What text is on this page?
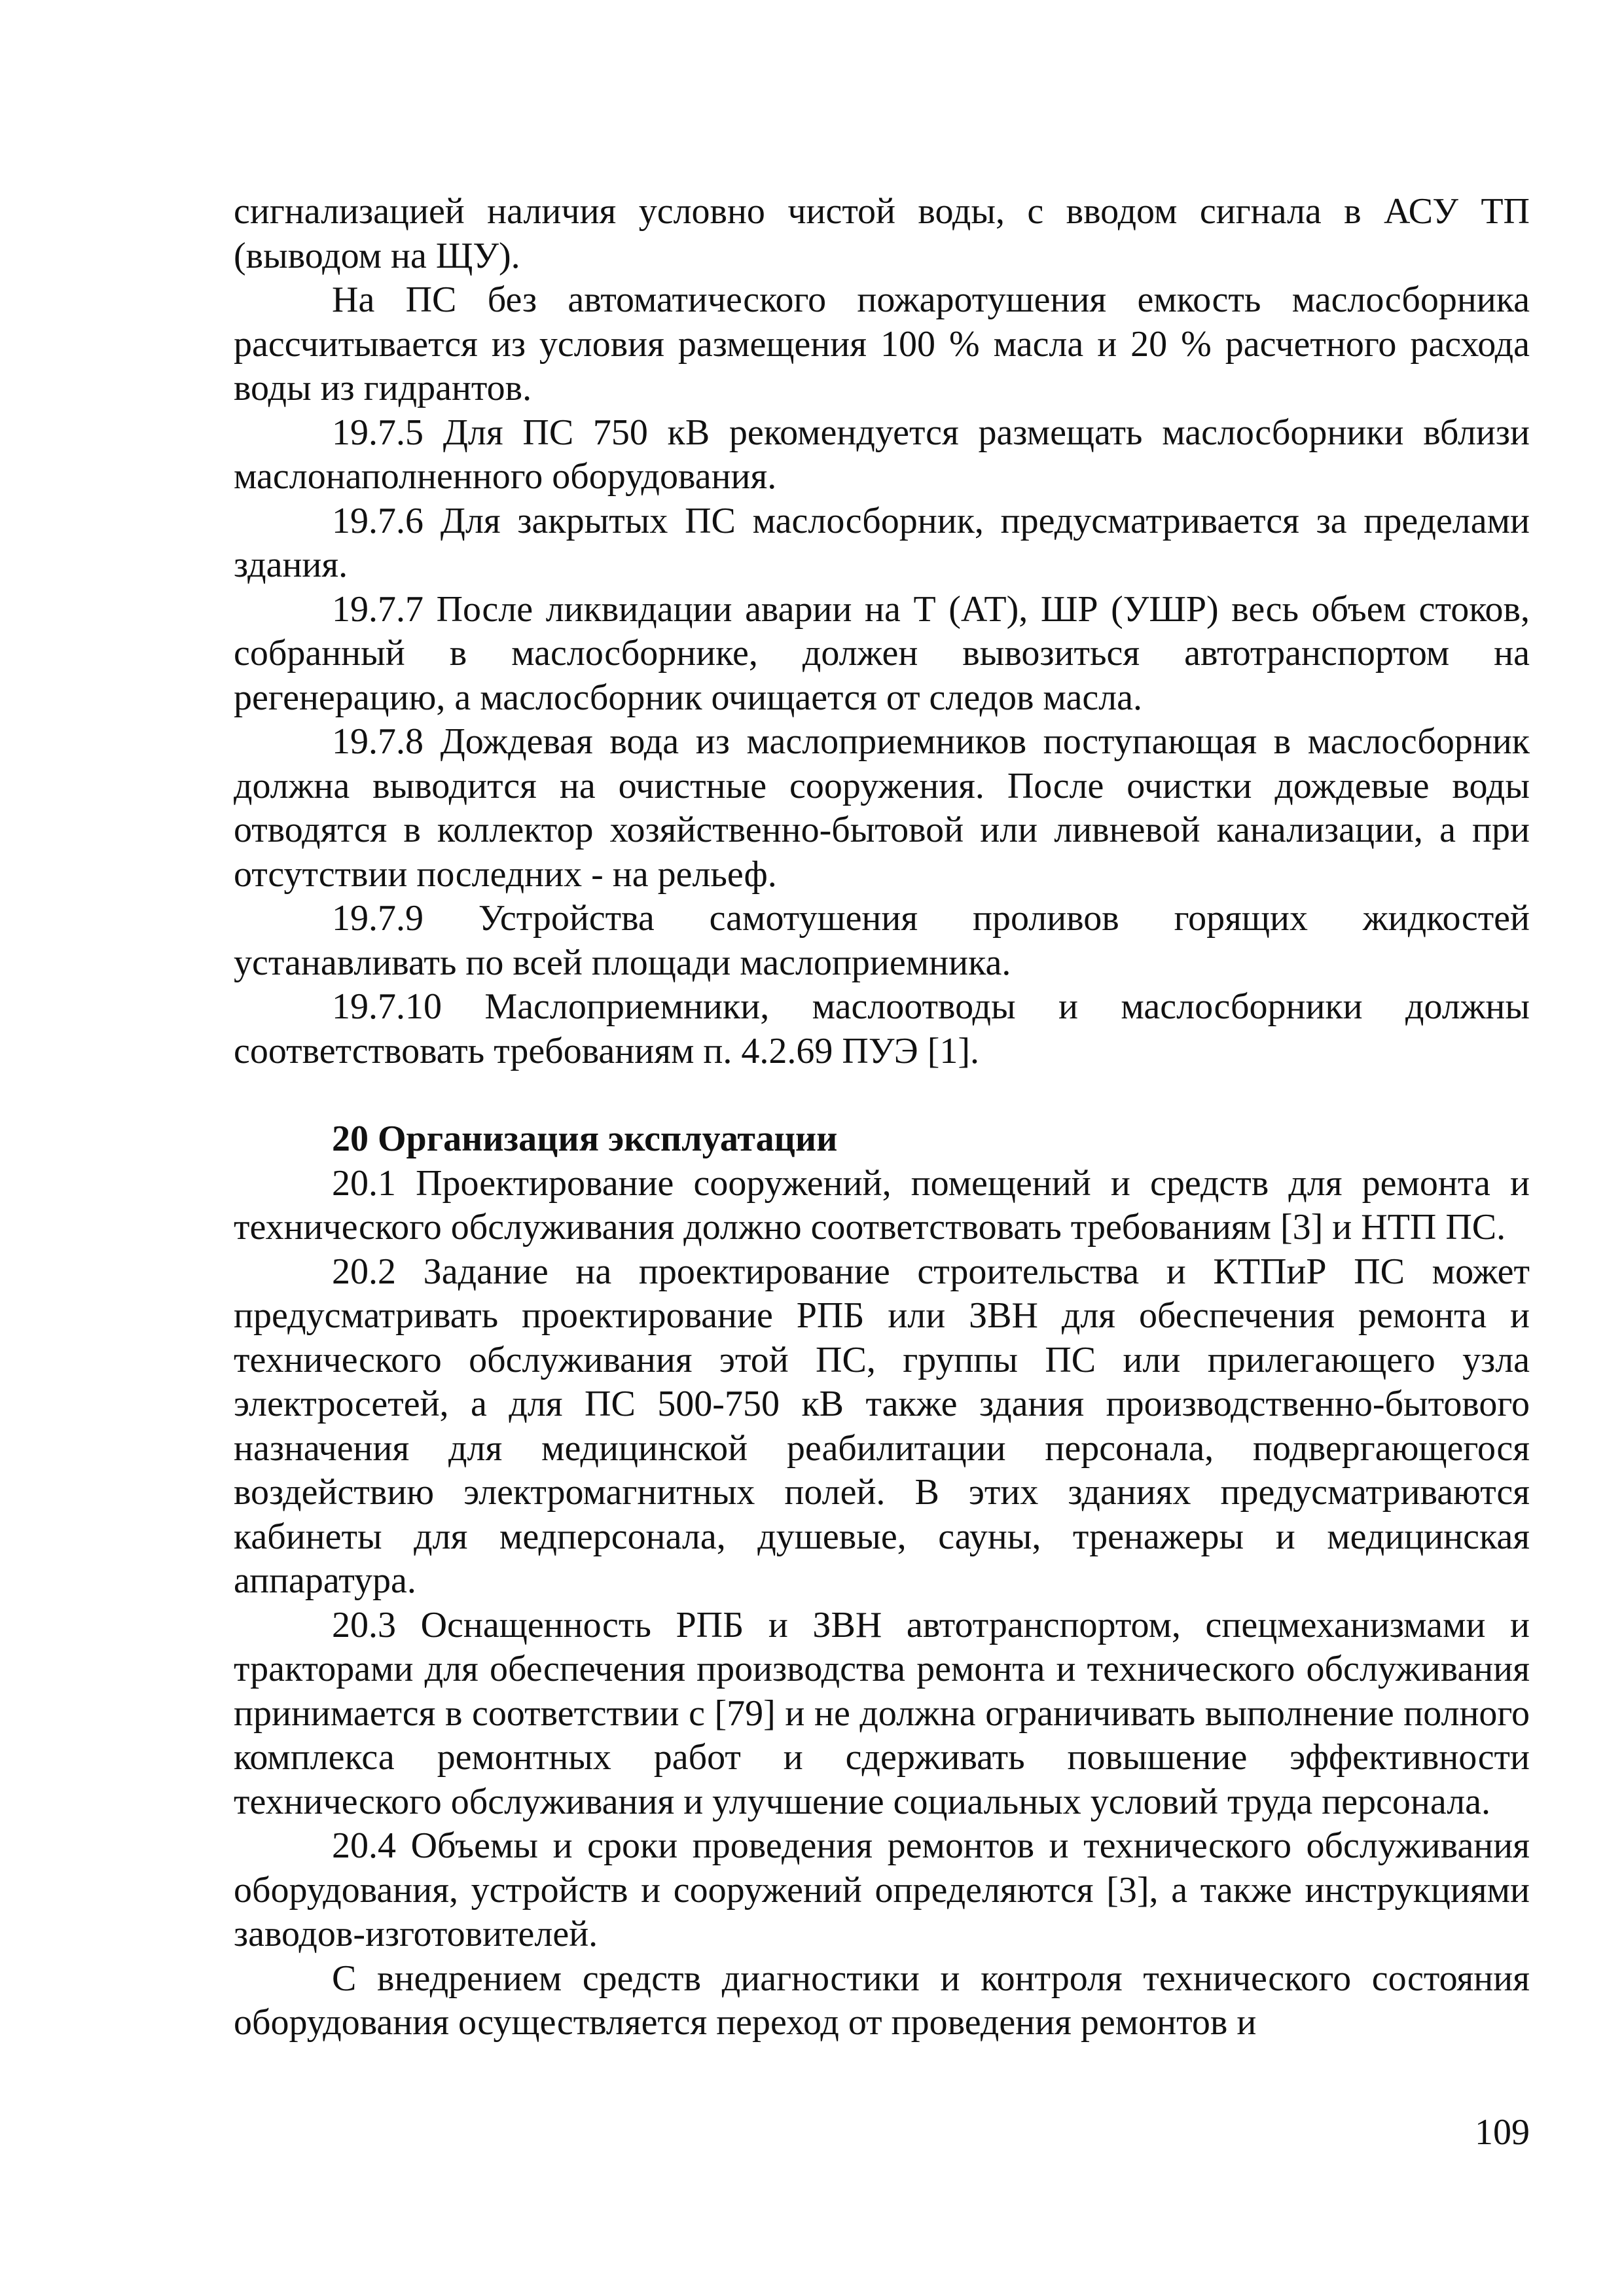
сигнализацией наличия условно чистой воды, с вводом сигнала в АСУ ТП (выводом на ЩУ).

На ПС без автоматического пожаротушения емкость маслосборника рассчитывается из условия размещения 100 % масла и 20 % расчетного расхода воды из гидрантов.

19.7.5 Для ПС 750 кВ рекомендуется размещать маслосборники вблизи маслонаполненного оборудования.

19.7.6 Для закрытых ПС маслосборник, предусматривается за пределами здания.

19.7.7 После ликвидации аварии на Т (АТ), ШР (УШР) весь объем стоков, собранный в маслосборнике, должен вывозиться автотранспортом на регенерацию, а маслосборник очищается от следов масла.

19.7.8 Дождевая вода из маслоприемников поступающая в маслосборник должна выводится на очистные сооружения. После очистки дождевые воды отводятся в коллектор хозяйственно-бытовой или ливневой канализации, а при отсутствии последних - на рельеф.

19.7.9 Устройства самотушения проливов горящих жидкостей устанавливать по всей площади маслоприемника.

19.7.10 Маслоприемники, маслоотводы и маслосборники должны соответствовать требованиям п. 4.2.69 ПУЭ [1].

20 Организация эксплуатации

20.1 Проектирование сооружений, помещений и средств для ремонта и технического обслуживания должно соответствовать требованиям [3] и НТП ПС.

20.2 Задание на проектирование строительства и КТПиР ПС может предусматривать проектирование РПБ или ЗВН для обеспечения ремонта и технического обслуживания этой ПС, группы ПС или прилегающего узла электросетей, а для ПС 500-750 кВ также здания производственно-бытового назначения для медицинской реабилитации персонала, подвергающегося воздействию электромагнитных полей. В этих зданиях предусматриваются кабинеты для медперсонала, душевые, сауны, тренажеры и медицинская аппаратура.

20.3 Оснащенность РПБ и ЗВН автотранспортом, спецмеханизмами и тракторами для обеспечения производства ремонта и технического обслуживания принимается в соответствии с [79] и не должна ограничивать выполнение полного комплекса ремонтных работ и сдерживать повышение эффективности технического обслуживания и улучшение социальных условий труда персонала.

20.4 Объемы и сроки проведения ремонтов и технического обслуживания оборудования, устройств и сооружений определяются [3], а также инструкциями заводов-изготовителей.

С внедрением средств диагностики и контроля технического состояния оборудования осуществляется переход от проведения ремонтов и

109
